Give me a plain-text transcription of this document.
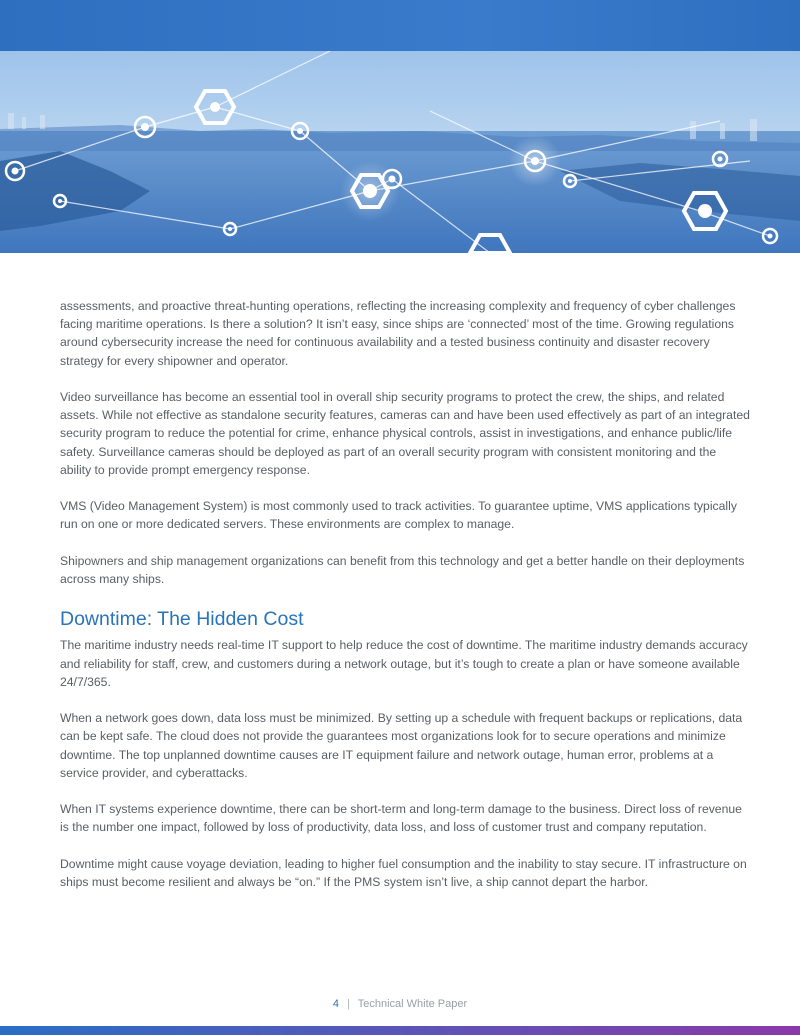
assessments, and proactive threat-hunting operations, reflecting the increasing complexity and frequency of cyber challenges facing maritime operations. Is there a solution? It isn’t easy, since ships are ‘connected’ most of the time. Growing regulations around cybersecurity increase the need for continuous availability and a tested business continuity and disaster recovery strategy for every shipowner and operator.

Video surveillance has become an essential tool in overall ship security programs to protect the crew, the ships, and related assets. While not effective as standalone security features, cameras can and have been used effectively as part of an integrated security program to reduce the potential for crime, enhance physical controls, assist in investigations, and enhance public/life safety. Surveillance cameras should be deployed as part of an overall security program with consistent monitoring and the ability to provide prompt emergency response.

VMS (Video Management System) is most commonly used to track activities. To guarantee uptime, VMS applications typically run on one or more dedicated servers. These environments are complex to manage.

Shipowners and ship management organizations can benefit from this technology and get a better handle on their deployments across many ships.

Downtime: The Hidden Cost

The maritime industry needs real-time IT support to help reduce the cost of downtime. The maritime industry demands accuracy and reliability for staff, crew, and customers during a network outage, but it’s tough to create a plan or have someone available 24/7/365.

When a network goes down, data loss must be minimized. By setting up a schedule with frequent backups or replications, data can be kept safe. The cloud does not provide the guarantees most organizations look for to secure operations and minimize downtime. The top unplanned downtime causes are IT equipment failure and network outage, human error, problems at a service provider, and cyberattacks.

When IT systems experience downtime, there can be short-term and long-term damage to the business. Direct loss of revenue is the number one impact, followed by loss of productivity, data loss, and loss of customer trust and company reputation.

Downtime might cause voyage deviation, leading to higher fuel consumption and the inability to stay secure. IT infrastructure on ships must become resilient and always be “on.” If the PMS system isn’t live, a ship cannot depart the harbor.

4 | Technical White Paper
